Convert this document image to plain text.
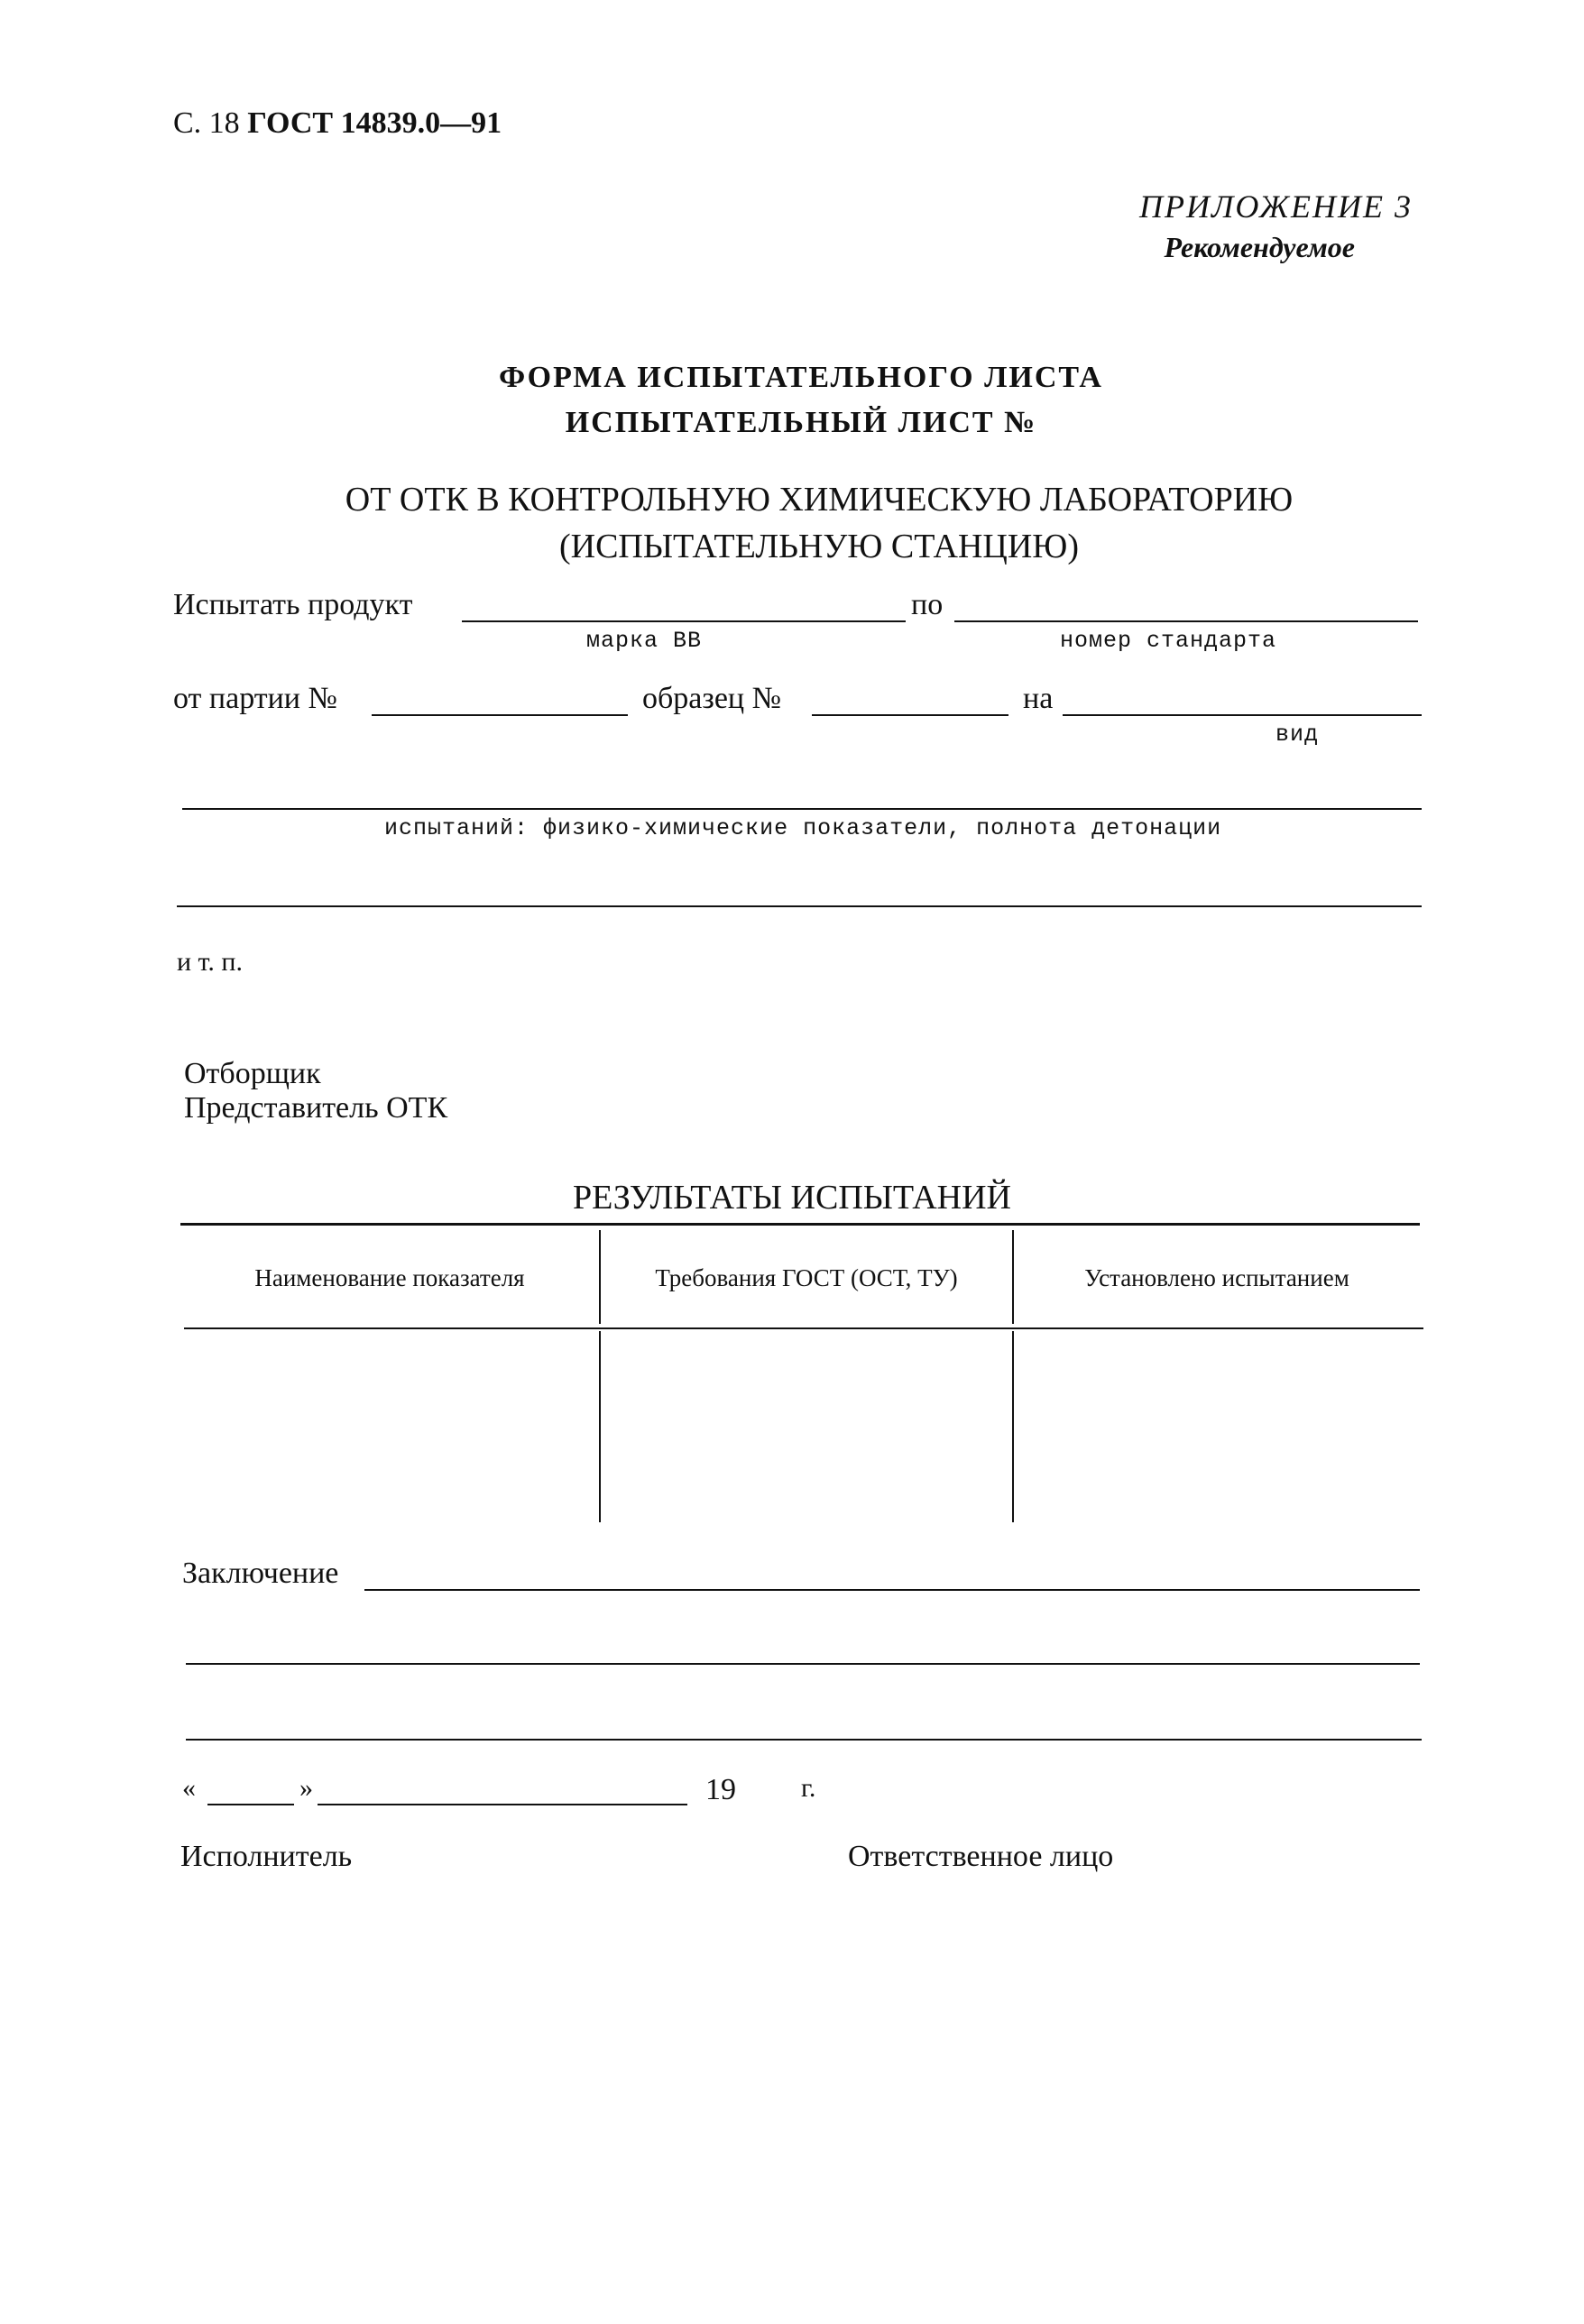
С. 18 ГОСТ 14839.0—91
ПРИЛОЖЕНИЕ 3
Рекомендуемое
ФОРМА ИСПЫТАТЕЛЬНОГО ЛИСТА
ИСПЫТАТЕЛЬНЫЙ ЛИСТ №
ОТ ОТК В КОНТРОЛЬНУЮ ХИМИЧЕСКУЮ ЛАБОРАТОРИЮ
(ИСПЫТАТЕЛЬНУЮ СТАНЦИЮ)
Испытать продукт	по
марка ВВ	номер стандарта
от партии №	образец №	на
вид
испытаний: физико-химические показатели, полнота детонации
и т. п.
Отборщик
Представитель ОТК
РЕЗУЛЬТАТЫ ИСПЫТАНИЙ
Наименование показателя	Требования ГОСТ (ОСТ, ТУ)	Установлено испытанием
Заключение
«	»	19 г.
Исполнитель	Ответственное лицо
